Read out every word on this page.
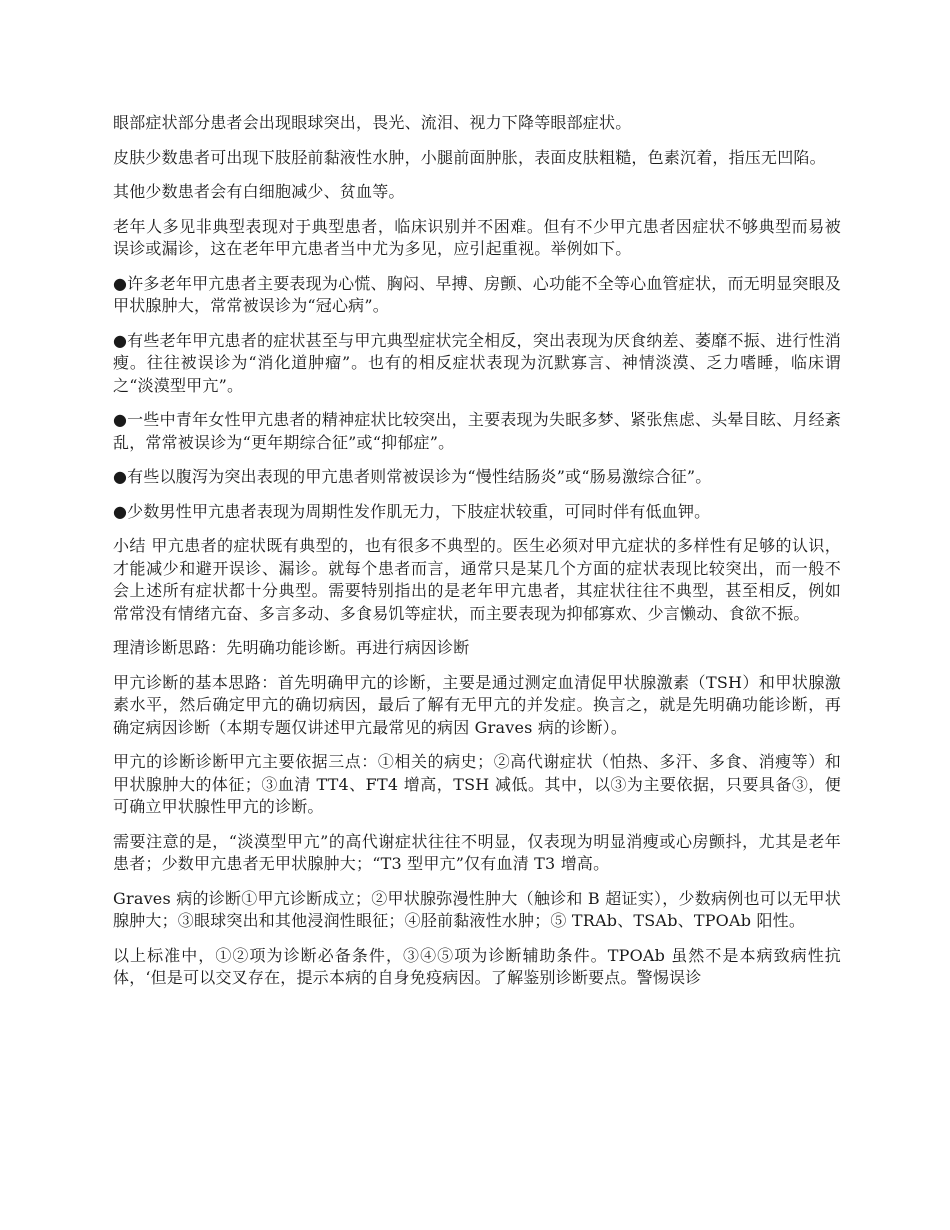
眼部症状部分患者会出现眼球突出，畏光、流泪、视力下降等眼部症状。

皮肤少数患者可出现下肢胫前黏液性水肿，小腿前面肿胀，表面皮肤粗糙，色素沉着，指压无凹陷。

其他少数患者会有白细胞减少、贫血等。

老年人多见非典型表现对于典型患者，临床识别并不困难。但有不少甲亢患者因症状不够典型而易被误诊或漏诊，这在老年甲亢患者当中尤为多见，应引起重视。举例如下。

●许多老年甲亢患者主要表现为心慌、胸闷、早搏、房颤、心功能不全等心血管症状，而无明显突眼及甲状腺肿大，常常被误诊为“冠心病”。

●有些老年甲亢患者的症状甚至与甲亢典型症状完全相反，突出表现为厌食纳差、萎靡不振、进行性消瘦。往往被误诊为“消化道肿瘤”。也有的相反症状表现为沉默寡言、神情淡漠、乏力嗜睡，临床谓之“淡漠型甲亢”。

●一些中青年女性甲亢患者的精神症状比较突出，主要表现为失眠多梦、紧张焦虑、头晕目眩、月经紊乱，常常被误诊为“更年期综合征”或“抑郁症”。

●有些以腹泻为突出表现的甲亢患者则常被误诊为“慢性结肠炎”或“肠易激综合征”。

●少数男性甲亢患者表现为周期性发作肌无力，下肢症状较重，可同时伴有低血钾。

小结 甲亢患者的症状既有典型的，也有很多不典型的。医生必须对甲亢症状的多样性有足够的认识，才能减少和避开误诊、漏诊。就每个患者而言，通常只是某几个方面的症状表现比较突出，而一般不会上述所有症状都十分典型。需要特别指出的是老年甲亢患者，其症状往往不典型，甚至相反，例如常常没有情绪亢奋、多言多动、多食易饥等症状，而主要表现为抑郁寡欢、少言懒动、食欲不振。

理清诊断思路：先明确功能诊断。再进行病因诊断

甲亢诊断的基本思路：首先明确甲亢的诊断，主要是通过测定血清促甲状腺激素（TSH）和甲状腺激素水平，然后确定甲亢的确切病因，最后了解有无甲亢的并发症。换言之，就是先明确功能诊断，再确定病因诊断（本期专题仅讲述甲亢最常见的病因 Graves 病的诊断）。

甲亢的诊断诊断甲亢主要依据三点：①相关的病史；②高代谢症状（怕热、多汗、多食、消瘦等）和甲状腺肿大的体征；③血清 TT4、FT4 增高，TSH 减低。其中，以③为主要依据，只要具备③，便可确立甲状腺性甲亢的诊断。

需要注意的是，“淡漠型甲亢”的高代谢症状往往不明显，仅表现为明显消瘦或心房颤抖，尤其是老年患者；少数甲亢患者无甲状腺肿大；“T3 型甲亢”仅有血清 T3 增高。

Graves 病的诊断①甲亢诊断成立；②甲状腺弥漫性肿大（触诊和 B 超证实），少数病例也可以无甲状腺肿大；③眼球突出和其他浸润性眼征；④胫前黏液性水肿；⑤ TRAb、TSAb、TPOAb 阳性。

以上标准中，①②项为诊断必备条件，③④⑤项为诊断辅助条件。TPOAb 虽然不是本病致病性抗体，‘但是可以交叉存在，提示本病的自身免疫病因。了解鉴别诊断要点。警惕误诊
